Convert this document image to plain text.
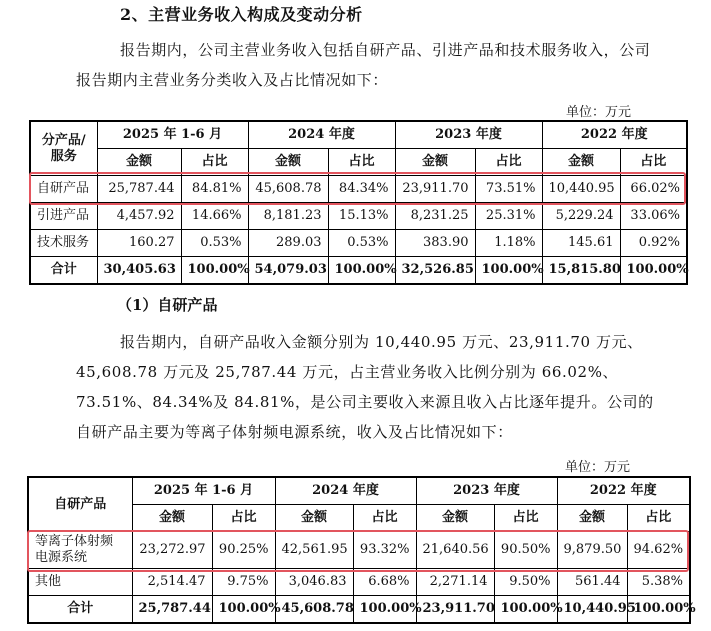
2、主营业务收入构成及变动分析
报告期内，公司主营业务收入包括自研产品、引进产品和技术服务收入，公司报告期内主营业务分类收入及占比情况如下：
单位：万元
分产品/服务	2025 年 1-6 月		2024 年度		2023 年度		2022 年度	
	金额	占比	金额	占比	金额	占比	金额	占比
自研产品	25,787.44	84.81%	45,608.78	84.34%	23,911.70	73.51%	10,440.95	66.02%
引进产品	4,457.92	14.66%	8,181.23	15.13%	8,231.25	25.31%	5,229.24	33.06%
技术服务	160.27	0.53%	289.03	0.53%	383.90	1.18%	145.61	0.92%
合计	30,405.63	100.00%	54,079.03	100.00%	32,526.85	100.00%	15,815.80	100.00%
（1）自研产品
报告期内，自研产品收入金额分别为 10,440.95 万元、23,911.70 万元、45,608.78 万元及 25,787.44 万元，占主营业务收入比例分别为 66.02%、73.51%、84.34%及 84.81%，是公司主要收入来源且收入占比逐年提升。公司的自研产品主要为等离子体射频电源系统，收入及占比情况如下：
单位：万元
自研产品	2025 年 1-6 月		2024 年度		2023 年度		2022 年度	
	金额	占比	金额	占比	金额	占比	金额	占比
等离子体射频电源系统	23,272.97	90.25%	42,561.95	93.32%	21,640.56	90.50%	9,879.50	94.62%
其他	2,514.47	9.75%	3,046.83	6.68%	2,271.14	9.50%	561.44	5.38%
合计	25,787.44	100.00%	45,608.78	100.00%	23,911.70	100.00%	10,440.95	100.00%
